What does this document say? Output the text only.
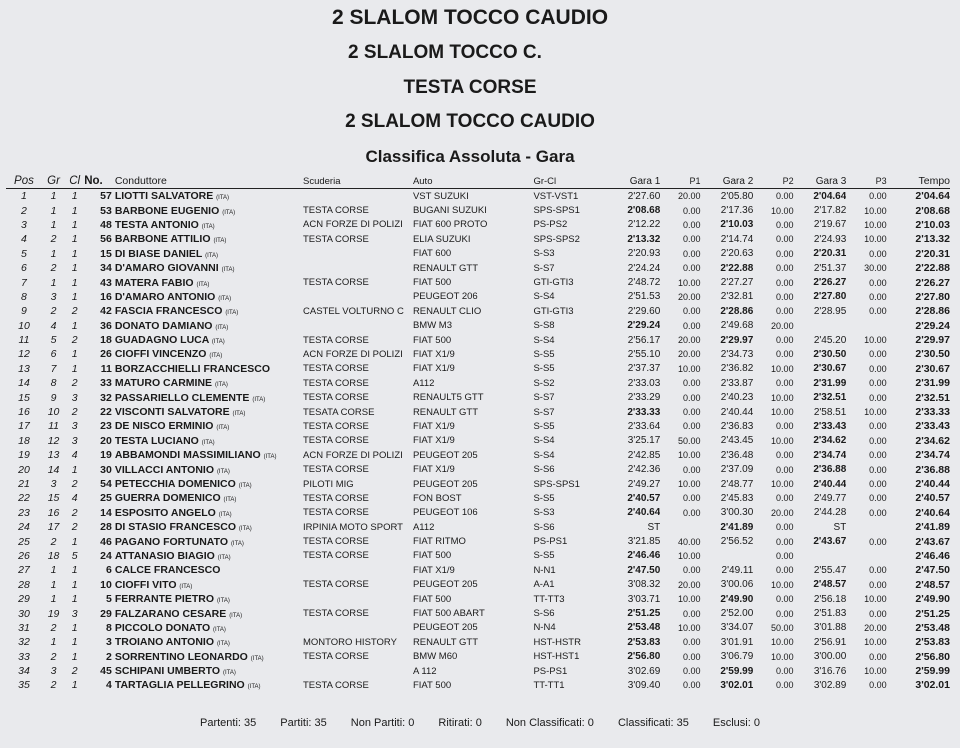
2 SLALOM TOCCO CAUDIO
2 SLALOM TOCCO C.
TESTA CORSE
2 SLALOM TOCCO CAUDIO
Classifica Assoluta - Gara
Pos	Gr	Cl	No.	Conduttore	Scuderia	Auto	Gr-Cl	Gara 1	P1	Gara 2	P2	Gara 3	P3	Tempo

1	1	1	57	LIOTTI SALVATORE (ITA)		VST SUZUKI	VST-VST1	2'27.60	20.00	2'05.80	0.00	2'04.64	0.00	2'04.64
2	1	1	53	BARBONE EUGENIO (ITA)	TESTA CORSE	BUGANI SUZUKI	SPS-SPS1	2'08.68	0.00	2'17.36	10.00	2'17.82	10.00	2'08.68
3	1	1	48	TESTA ANTONIO (ITA)	ACN FORZE DI POLIZI	FIAT 600 PROTO	PS-PS2	2'12.22	0.00	2'10.03	0.00	2'19.67	10.00	2'10.03
4	2	1	56	BARBONE ATTILIO (ITA)	TESTA CORSE	ELIA SUZUKI	SPS-SPS2	2'13.32	0.00	2'14.74	0.00	2'24.93	10.00	2'13.32
5	1	1	15	DI BIASE DANIEL (ITA)		FIAT 600	S-S3	2'20.93	0.00	2'20.63	0.00	2'20.31	0.00	2'20.31
6	2	1	34	D'AMARO GIOVANNI (ITA)		RENAULT GTT	S-S7	2'24.24	0.00	2'22.88	0.00	2'51.37	30.00	2'22.88
7	1	1	43	MATERA FABIO (ITA)	TESTA CORSE	FIAT 500	GTI-GTI3	2'48.72	10.00	2'27.27	0.00	2'26.27	0.00	2'26.27
8	3	1	16	D'AMARO ANTONIO (ITA)		PEUGEOT 206	S-S4	2'51.53	20.00	2'32.81	0.00	2'27.80	0.00	2'27.80
9	2	2	42	FASCIA FRANCESCO (ITA)	CASTEL VOLTURNO C	RENAULT CLIO	GTI-GTI3	2'29.60	0.00	2'28.86	0.00	2'28.95	0.00	2'28.86
10	4	1	36	DONATO DAMIANO (ITA)		BMW M3	S-S8	2'29.24	0.00	2'49.68	20.00			2'29.24
11	5	2	18	GUADAGNO LUCA (ITA)	TESTA CORSE	FIAT 500	S-S4	2'56.17	20.00	2'29.97	0.00	2'45.20	10.00	2'29.97
12	6	1	26	CIOFFI VINCENZO (ITA)	ACN FORZE DI POLIZI	FIAT X1/9	S-S5	2'55.10	20.00	2'34.73	0.00	2'30.50	0.00	2'30.50
13	7	1	11	BORZACCHIELLI FRANCESCO	TESTA CORSE	FIAT X1/9	S-S5	2'37.37	10.00	2'36.82	10.00	2'30.67	0.00	2'30.67
14	8	2	33	MATURO CARMINE (ITA)	TESTA CORSE	A112	S-S2	2'33.03	0.00	2'33.87	0.00	2'31.99	0.00	2'31.99
15	9	3	32	PASSARIELLO CLEMENTE (ITA)	TESTA CORSE	RENAULT5 GTT	S-S7	2'33.29	0.00	2'40.23	10.00	2'32.51	0.00	2'32.51
16	10	2	22	VISCONTI SALVATORE (ITA)	TESATA CORSE	RENAULT GTT	S-S7	2'33.33	0.00	2'40.44	10.00	2'58.51	10.00	2'33.33
17	11	3	23	DE NISCO ERMINIO (ITA)	TESTA CORSE	FIAT X1/9	S-S5	2'33.64	0.00	2'36.83	0.00	2'33.43	0.00	2'33.43
18	12	3	20	TESTA LUCIANO (ITA)	TESTA CORSE	FIAT X1/9	S-S4	3'25.17	50.00	2'43.45	10.00	2'34.62	0.00	2'34.62
19	13	4	19	ABBAMONDI MASSIMILIANO (ITA)	ACN FORZE DI POLIZI	PEUGEOT 205	S-S4	2'42.85	10.00	2'36.48	0.00	2'34.74	0.00	2'34.74
20	14	1	30	VILLACCI ANTONIO (ITA)	TESTA CORSE	FIAT X1/9	S-S6	2'42.36	0.00	2'37.09	0.00	2'36.88	0.00	2'36.88
21	3	2	54	PETECCHIA DOMENICO (ITA)	PILOTI MIG	PEUGEOT 205	SPS-SPS1	2'49.27	10.00	2'48.77	10.00	2'40.44	0.00	2'40.44
22	15	4	25	GUERRA DOMENICO (ITA)	TESTA CORSE	FON BOST	S-S5	2'40.57	0.00	2'45.83	0.00	2'49.77	0.00	2'40.57
23	16	2	14	ESPOSITO ANGELO (ITA)	TESTA CORSE	PEUGEOT 106	S-S3	2'40.64	0.00	3'00.30	20.00	2'44.28	0.00	2'40.64
24	17	2	28	DI STASIO FRANCESCO (ITA)	IRPINIA MOTO SPORT	A112	S-S6	ST		2'41.89	0.00	ST		2'41.89
25	2	1	46	PAGANO FORTUNATO (ITA)	TESTA CORSE	FIAT RITMO	PS-PS1	3'21.85	40.00	2'56.52	0.00	2'43.67	0.00	2'43.67
26	18	5	24	ATTANASIO BIAGIO (ITA)	TESTA CORSE	FIAT 500	S-S5	2'46.46	10.00		0.00			2'46.46
27	1	1	6	CALCE FRANCESCO		FIAT X1/9	N-N1	2'47.50	0.00	2'49.11	0.00	2'55.47	0.00	2'47.50
28	1	1	10	CIOFFI VITO (ITA)	TESTA CORSE	PEUGEOT 205	A-A1	3'08.32	20.00	3'00.06	10.00	2'48.57	0.00	2'48.57
29	1	1	5	FERRANTE PIETRO (ITA)		FIAT 500	TT-TT3	3'03.71	10.00	2'49.90	0.00	2'56.18	10.00	2'49.90
30	19	3	29	FALZARANO CESARE (ITA)	TESTA CORSE	FIAT 500 ABART	S-S6	2'51.25	0.00	2'52.00	0.00	2'51.83	0.00	2'51.25
31	2	1	8	PICCOLO DONATO (ITA)		PEUGEOT 205	N-N4	2'53.48	10.00	3'34.07	50.00	3'01.88	20.00	2'53.48
32	1	1	3	TROIANO ANTONIO (ITA)	MONTORO HISTORY	RENAULT GTT	HST-HSTR	2'53.83	0.00	3'01.91	10.00	2'56.91	10.00	2'53.83
33	2	1	2	SORRENTINO LEONARDO (ITA)	TESTA CORSE	BMW M60	HST-HST1	2'56.80	0.00	3'06.79	10.00	3'00.00	0.00	2'56.80
34	3	2	45	SCHIPANI UMBERTO (ITA)		A 112	PS-PS1	3'02.69	0.00	2'59.99	0.00	3'16.76	10.00	2'59.99
35	2	1	4	TARTAGLIA PELLEGRINO (ITA)	TESTA CORSE	FIAT 500	TT-TT1	3'09.40	0.00	3'02.01	0.00	3'02.89	0.00	3'02.01
Partenti: 35 Partiti: 35 Non Partiti: 0 Ritirati: 0 Non Classificati: 0 Classificati: 35 Esclusi: 0
